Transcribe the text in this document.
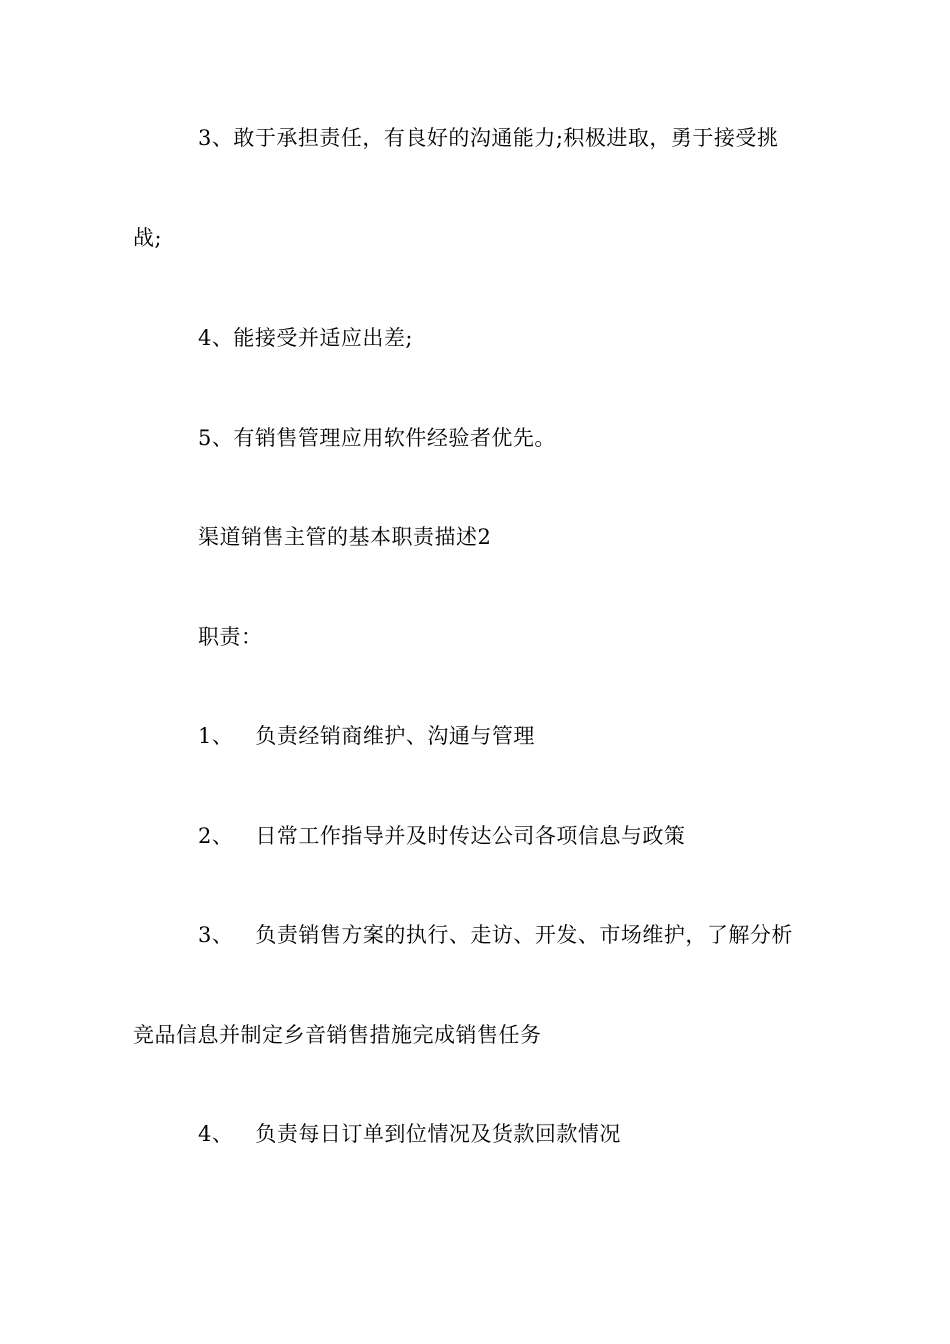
3、敢于承担责任，有良好的沟通能力;积极进取，勇于接受挑
战;
4、能接受并适应出差;
5、有销售管理应用软件经验者优先。
渠道销售主管的基本职责描述2
职责：
1、 负责经销商维护、沟通与管理
2、 日常工作指导并及时传达公司各项信息与政策
3、 负责销售方案的执行、走访、开发、市场维护，了解分析
竞品信息并制定乡音销售措施完成销售任务
4、 负责每日订单到位情况及货款回款情况
